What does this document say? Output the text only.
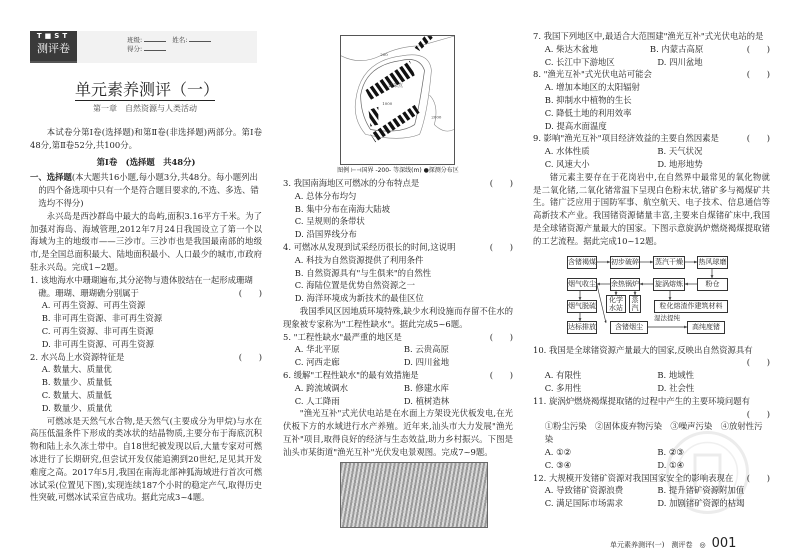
T■ST
测评卷
班级:	姓名: 得分:
单元素养测评（一）
第一章　自然资源与人类活动

本试卷分第Ⅰ卷(选择题)和第Ⅱ卷(非选择题)两部分。第Ⅰ卷48分,第Ⅱ卷52分,共100分。

第Ⅰ卷　(选择题　共48分)

一、选择题(本大题共16小题,每小题3分,共48分。每小题列出的四个备选项中只有一个是符合题目要求的,不选、多选、错选均不得分)

永兴岛是西沙群岛中最大的岛屿,面积3.16平方千米。为了加强对海岛、海域管理,2012年7月24日我国设立了第一个以海域为主的地级市——三沙市。三沙市也是我国最南部的地级市,是全国总面积最大、陆地面积最小、人口最少的城市,市政府驻永兴岛。完成1~2题。

1. 该地海水中珊瑚遍布,其分泌物与遗体胶结在一起形成珊瑚礁。珊瑚、珊瑚礁分别属于	(　　)

A. 可再生资源、可再生资源

B. 非可再生资源、非可再生资源

C. 可再生资源、非可再生资源

D. 非可再生资源、可再生资源

2. 水兴岛上水资源特征是	(　　)

A. 数量大、质量优

B. 数量少、质量低

C. 数量大、质量低

D. 数量少、质量优

可燃冰是天然气水合物,是天然气(主要成分为甲烷)与水在高压低温条件下形成的类冰状的结晶物质,主要分布于海底沉积物和陆上永久冻土带中。自18世纪被发现以后,大量专家对可燃冰进行了长期研究,但尝试开发仅能追溯到20世纪,足见其开发难度之高。2017年5月,我国在南海北部神狐海域进行首次可燃冰试采(位置见下图),实现连续187个小时的稳定产气,取得历史性突破,可燃冰试采宣告成功。据此完成3~4题。

试采点
1000
200
2000

图例 ⊢⊣国界 -200- 等深线(m) ●探测分布区

3. 我国南海地区可燃冰的分布特点是	(　　)

A. 总体分布均匀

B. 集中分布在南海大陆坡

C. 呈规则的条带状

D. 沿国界线分布

4. 可燃冰从发现到试采经历很长的时间,这说明	(　　)

A. 科技为自然资源提供了利用条件

B. 自然资源具有"与生俱来"的自然性

C. 海陆位置是优势自然资源之一

D. 海洋环境成为新技术的最佳区位

我国季风区因地质环境特殊,缺少水利设施而存留不住水的现象被专家称为"工程性缺水"。据此完成5~6题。

5. "工程性缺水"最严重的地区是	(　　)

A. 华北平原	B. 云贵高原
C. 河西走廊	D. 四川盆地

6. 缓解"工程性缺水"的最有效措施是	(　　)

A. 跨流域调水	B. 修建水库
C. 人工降雨	D. 植树造林

"渔光互补"式光伏电站是在水面上方架设光伏板发电,在光伏板下方的水域进行水产养殖。近年来,汕头市大力发展"渔光互补"项目,取得良好的经济与生态效益,助力乡村振兴。下图是汕头市某街道"渔光互补"光伏发电景观图。完成7~9题。

7. 我国下列地区中,最适合大范围建"渔光互补"式光伏电站的是
(　　)

A. 柴达木盆地	B. 内蒙古高原
C. 长江中下游地区	D. 四川盆地

8. "渔光互补"式光伏电站可能会	(　　)

A. 增加本地区的太阳辐射

B. 抑制水中植物的生长

C. 降低土地的利用效率

D. 提高水面温度

9. 影响"渔光互补"项目经济效益的主要自然因素是	(　　)

A. 水体性质	B. 天气状况
C. 风速大小	D. 地形地势

锗元素主要存在于花岗岩中,在自然界中最常见的氧化物就是二氧化锗,二氧化锗常温下呈现白色粉末状,锗矿多与褐煤矿共生。锗广泛应用于国防军事、航空航天、电子技术、信息通信等高新技术产业。我国锗资源储量丰富,主要来自煤锗矿床中,我国是全球锗资源产量最大的国家。下图示意旋涡炉燃烧褐煤提取锗的工艺流程。据此完成10~12题。

含锗褐煤 初步破碎 蒸汽干燥 热风球磨
粉仓
旋涡熔炼
余热锅炉
烟气收尘
化学水站
蒸汽	粒化熔渣作建筑材料
烟气脱硫
达标排放	含锗烟尘	高纯度锗
湿法提纯

10. 我国是全球锗资源产量最大的国家,反映出自然资源具有

(　　)

A. 有限性	B. 地域性
C. 多用性	D. 社会性

11. 旋涡炉燃烧褐煤提取锗的过程中产生的主要环境问题有

(　　)

①粉尘污染　②固体废弃物污染　③噪声污染　④放射性污染

A. ①②	B. ②③
C. ③④	D. ①④

12. 大规模开发锗矿资源对我国国家安全的影响表现在 (　　)

A. 导致锗矿资源浪费	B. 提升锗矿资源附加值
C. 满足国际市场需求	D. 加剧锗矿资源的枯竭
单元素养测评(一)　 测评卷　 ◎ 001
